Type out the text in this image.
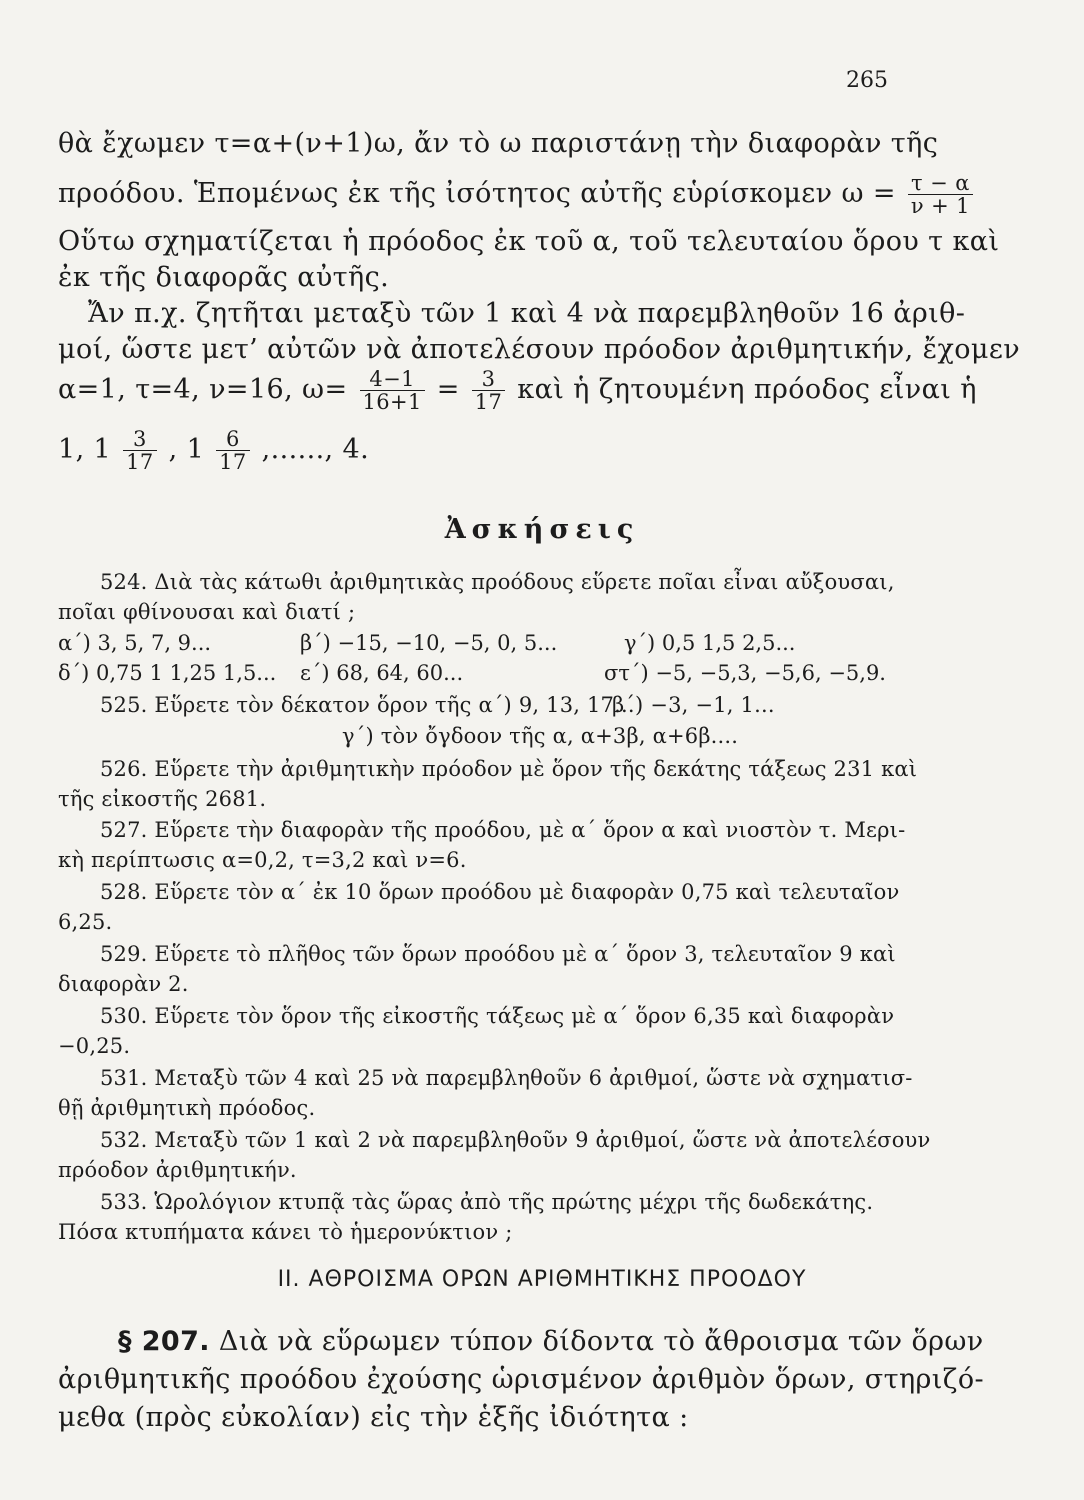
265
θὰ ἔχωμεν τ=α+(ν+1)ω, ἄν τὸ ω παριστάνῃ τὴν διαφορὰν τῆς
προόδου. Ἑπομένως ἐκ τῆς ἰσότητος αὐτῆς εὑρίσκομεν $\omega = \frac{\tau - \alpha}{\nu + 1}$
Οὕτω σχηματίζεται ἡ πρόοδος ἐκ τοῦ α, τοῦ τελευταίου ὅρου τ καὶ
ἐκ τῆς διαφορᾶς αὐτῆς.
Ἄν π.χ. ζητῆται μεταξὺ τῶν 1 καὶ 4 νὰ παρεμβληθοῦν 16 ἀριθ-
μοί, ὥστε μετ’ αὐτῶν νὰ ἀποτελέσουν πρόοδον ἀριθμητικήν, ἔχομεν
α=1, τ=4, ν=16, $\omega= \frac{4-1}{16+1} = \frac{3}{17}$ καὶ ἡ ζητουμένη πρόοδος εἶναι ἡ
1, $1 \frac{3}{17}$ , $1 \frac{6}{17}$ ,......, 4.
Ἀσκήσεις
524. Διὰ τὰς κάτωθι ἀριθμητικὰς προόδους εὕρετε ποῖαι εἶναι αὔξουσαι,
ποῖαι φθίνουσαι καὶ διατί ;
α΄) 3, 5, 7, 9...	β΄) −15, −10, −5, 0, 5...	γ΄) 0,5 1,5 2,5...
δ΄) 0,75 1 1,25 1,5... ε΄) 68, 64, 60...	στ΄) −5, −5,3, −5,6, −5,9.
525. Εὕρετε τὸν δέκατον ὅρον τῆς α΄) 9, 13, 17...
β΄) −3, −1, 1...
γ΄) τὸν ὄγδοον τῆς α, α+3β, α+6β....
526. Εὕρετε τὴν ἀριθμητικὴν πρόοδον μὲ ὅρον τῆς δεκάτης τάξεως 231 καὶ
τῆς εἰκοστῆς 2681.
527. Εὕρετε τὴν διαφορὰν τῆς προόδου, μὲ α΄ ὅρον α καὶ νιοστὸν τ. Μερι-
κὴ περίπτωσις α=0,2, τ=3,2 καὶ ν=6.
528. Εὕρετε τὸν α΄ ἐκ 10 ὅρων προόδου μὲ διαφορὰν 0,75 καὶ τελευταῖον
6,25.
529. Εὕρετε τὸ πλῆθος τῶν ὅρων προόδου μὲ α΄ ὅρον 3, τελευταῖον 9 καὶ
διαφορὰν 2.
530. Εὕρετε τὸν ὅρον τῆς εἰκοστῆς τάξεως μὲ α΄ ὅρον 6,35 καὶ διαφορὰν
−0,25.
531. Μεταξὺ τῶν 4 καὶ 25 νὰ παρεμβληθοῦν 6 ἀριθμοί, ὥστε νὰ σχηματισ-
θῇ ἀριθμητικὴ πρόοδος.
532. Μεταξὺ τῶν 1 καὶ 2 νὰ παρεμβληθοῦν 9 ἀριθμοί, ὥστε νὰ ἀποτελέσουν
πρόοδον ἀριθμητικήν.
533. Ὡρολόγιον κτυπᾷ τὰς ὥρας ἀπὸ τῆς πρώτης μέχρι τῆς δωδεκάτης.
Πόσα κτυπήματα κάνει τὸ ἡμερονύκτιον ;
II. ΑΘΡΟΙΣΜΑ ΟΡΩΝ ΑΡΙΘΜΗΤΙΚΗΣ ΠΡΟΟΔΟΥ
§ 207. Διὰ νὰ εὕρωμεν τύπον δίδοντα τὸ ἄθροισμα τῶν ὅρων
ἀριθμητικῆς προόδου ἐχούσης ὡρισμένον ἀριθμὸν ὅρων, στηριζό-
μεθα (πρὸς εὐκολίαν) εἰς τὴν ἑξῆς ἰδιότητα :
